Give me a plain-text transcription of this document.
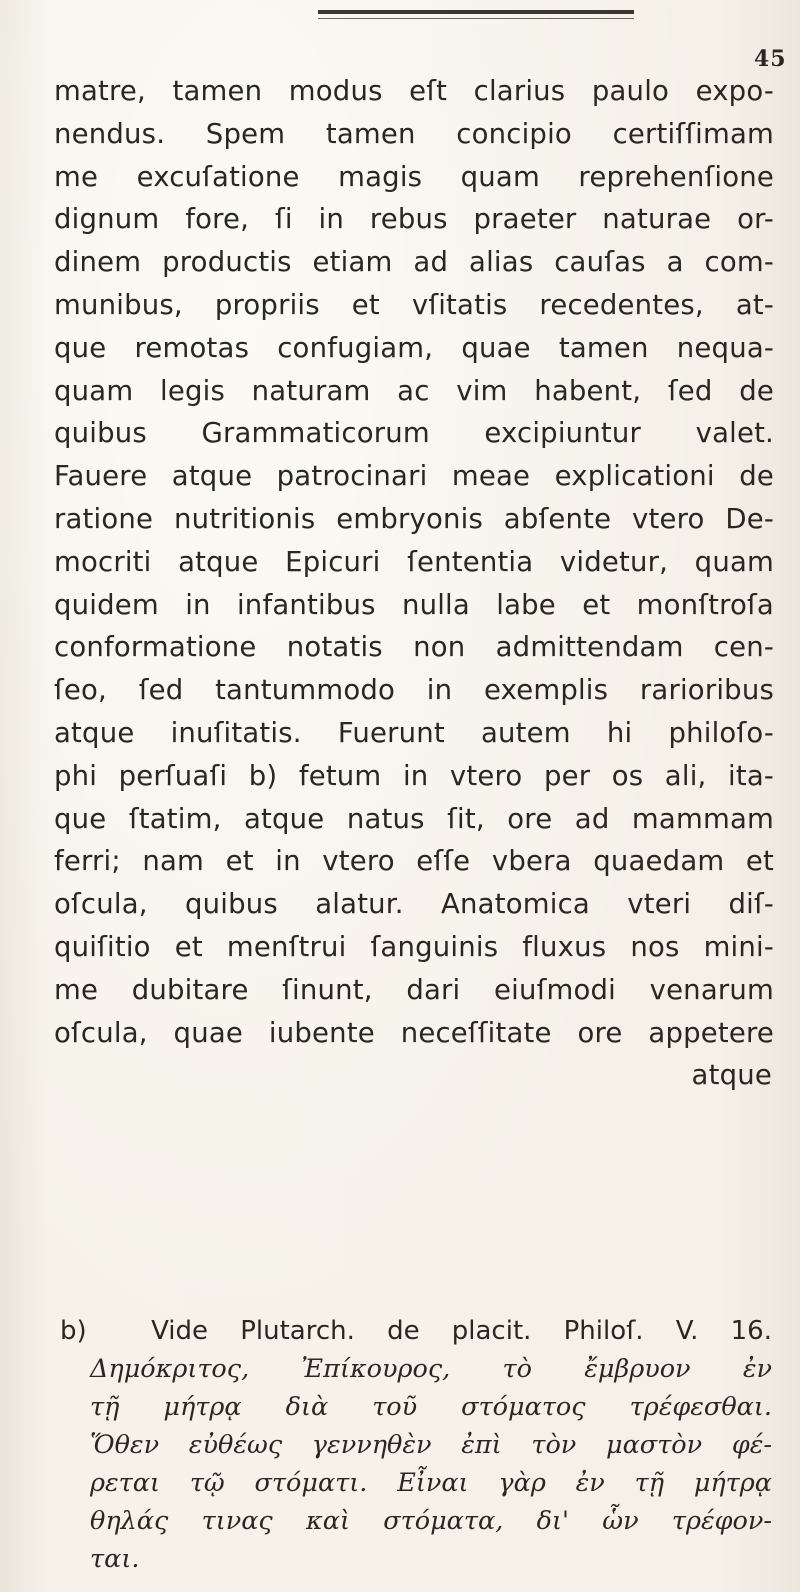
45
matre, tamen modus eſt clarius paulo expo-
nendus. Spem tamen concipio certiſſimam
me excuſatione magis quam reprehenſione
dignum fore, ſi in rebus praeter naturae or-
dinem productis etiam ad alias cauſas a com-
munibus, propriis et vſitatis recedentes, at-
que remotas confugiam, quae tamen nequa-
quam legis naturam ac vim habent, ſed de
quibus Grammaticorum excipiuntur valet.
Fauere atque patrocinari meae explicationi de
ratione nutritionis embryonis abſente vtero De-
mocriti atque Epicuri ſententia videtur, quam
quidem in infantibus nulla labe et monſtroſa
conformatione notatis non admittendam cen-
ſeo, ſed tantummodo in exemplis rarioribus
atque inuſitatis. Fuerunt autem hi philoſo-
phi perſuaſi b) fetum in vtero per os ali, ita-
que ſtatim, atque natus ſit, ore ad mammam
ferri; nam et in vtero eſſe vbera quaedam et
oſcula, quibus alatur. Anatomica vteri diſ-
quiſitio et menſtrui ſanguinis fluxus nos mini-
me dubitare ſinunt, dari eiuſmodi venarum
oſcula, quae iubente neceſſitate ore appetere
atque
b) Vide Plutarch. de placit. Philoſ. V. 16.
Δημόκριτος, Ἐπίκουρος, τὸ ἔμβρυον ἐν
τῇ μήτρᾳ διὰ τοῦ στόματος τρέφεσθαι.
Ὅθεν εὐθέως γεννηθὲν ἐπὶ τὸν μαστὸν φέ-
ρεται τῷ στόματι. Εἶναι γὰρ ἐν τῇ μήτρᾳ
θηλάς τινας καὶ στόματα, δι' ὧν τρέφον-
ται.
